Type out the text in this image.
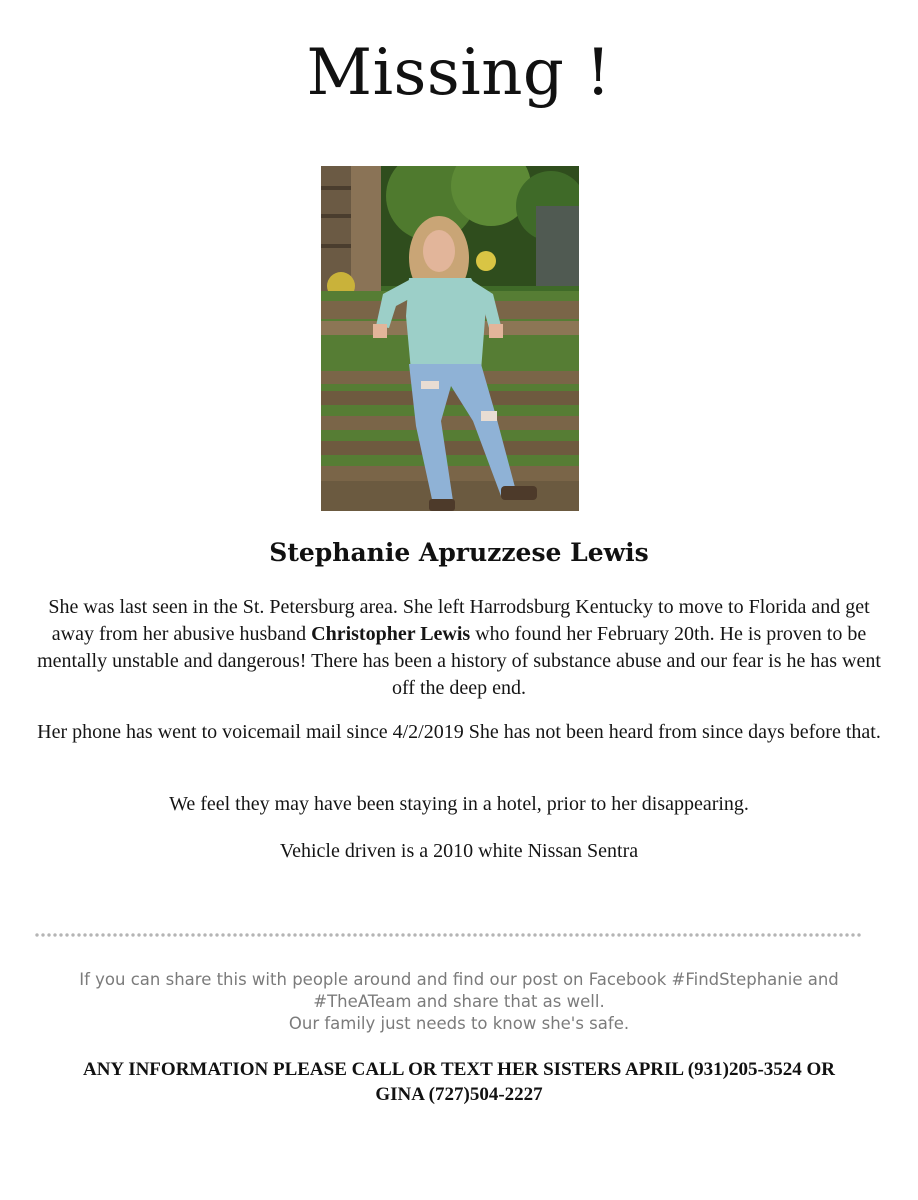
Missing !
Stephanie Apruzzese Lewis

She was last seen in the St. Petersburg area. She left Harrodsburg Kentucky to move to Florida and get away from her abusive husband Christopher Lewis who found her February 20th. He is proven to be mentally unstable and dangerous! There has been a history of substance abuse and our fear is he has went off the deep end.

Her phone has went to voicemail mail since 4/2/2019 She has not been heard from since days before that.

We feel they may have been staying in a hotel, prior to her disappearing.

Vehicle driven is a 2010 white Nissan Sentra

If you can share this with people around and find our post on Facebook #FindStephanie and
#TheATeam and share that as well.
Our family just needs to know she's safe.

ANY INFORMATION PLEASE CALL OR TEXT HER SISTERS APRIL (931)205-3524 OR
GINA (727)504-2227
